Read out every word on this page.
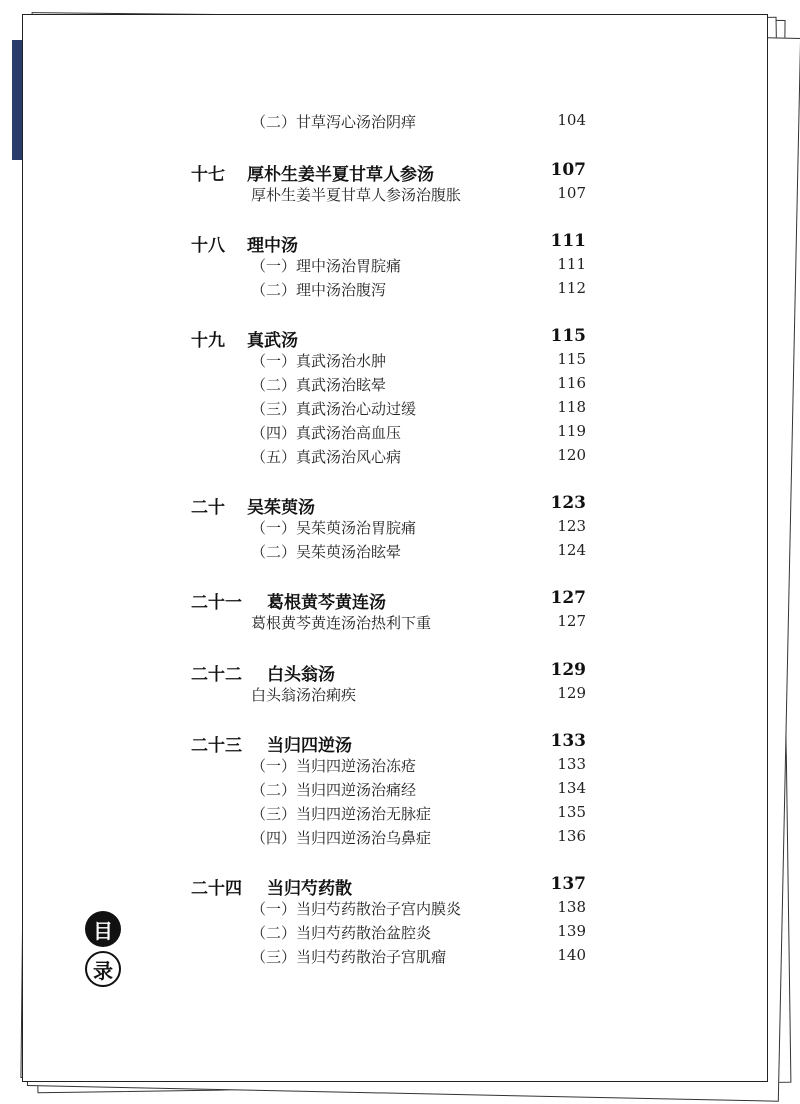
（二）甘草泻心汤治阴痒	104
十七 厚朴生姜半夏甘草人参汤	107
厚朴生姜半夏甘草人参汤治腹胀	107
十八 理中汤	111
（一）理中汤治胃脘痛	111
（二）理中汤治腹泻	112
十九 真武汤	115
（一）真武汤治水肿	115
（二）真武汤治眩晕	116
（三）真武汤治心动过缓	118
（四）真武汤治高血压	119
（五）真武汤治风心病	120
二十 吴茱萸汤	123
（一）吴茱萸汤治胃脘痛	123
（二）吴茱萸汤治眩晕	124
二十一 葛根黄芩黄连汤	127
葛根黄芩黄连汤治热利下重	127
二十二 白头翁汤	129
白头翁汤治痢疾	129
二十三 当归四逆汤	133
（一）当归四逆汤治冻疮	133
（二）当归四逆汤治痛经	134
（三）当归四逆汤治无脉症	135
（四）当归四逆汤治乌鼻症	136
二十四 当归芍药散	137
（一）当归芍药散治子宫内膜炎	138
（二）当归芍药散治盆腔炎	139
（三）当归芍药散治子宫肌瘤	140
目
录
